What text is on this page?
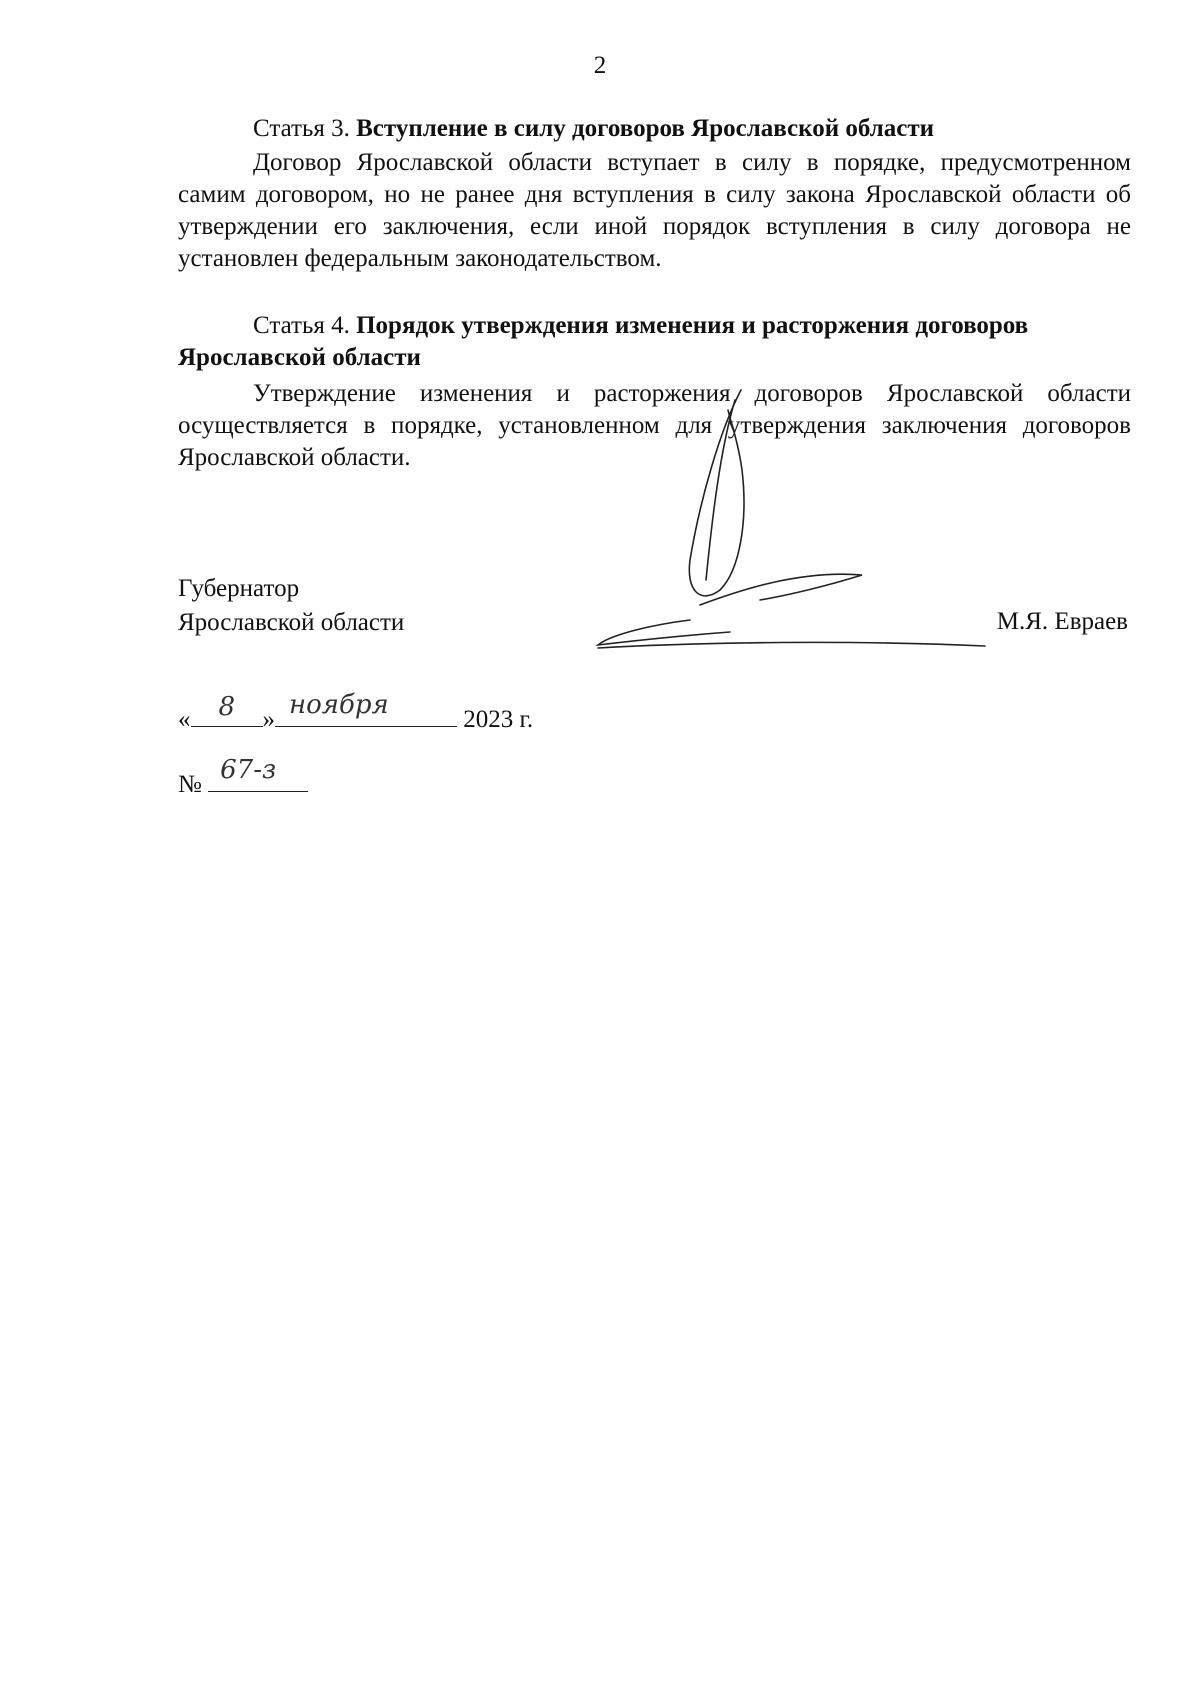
2

Статья 3. Вступление в силу договоров Ярославской области

Договор Ярославской области вступает в силу в порядке, предусмотренном самим договором, но не ранее дня вступления в силу закона Ярославской области об утверждении его заключения, если иной порядок вступления в силу договора не установлен федеральным законодательством.

Статья 4. Порядок утверждения изменения и расторжения договоров Ярославской области

Утверждение изменения и расторжения договоров Ярославской области осуществляется в порядке, установленном для утверждения заключения договоров Ярославской области.

Губернатор
Ярославской области	М.Я. Евраев
« 8 » ноября	2023 г.
№ 67-з
